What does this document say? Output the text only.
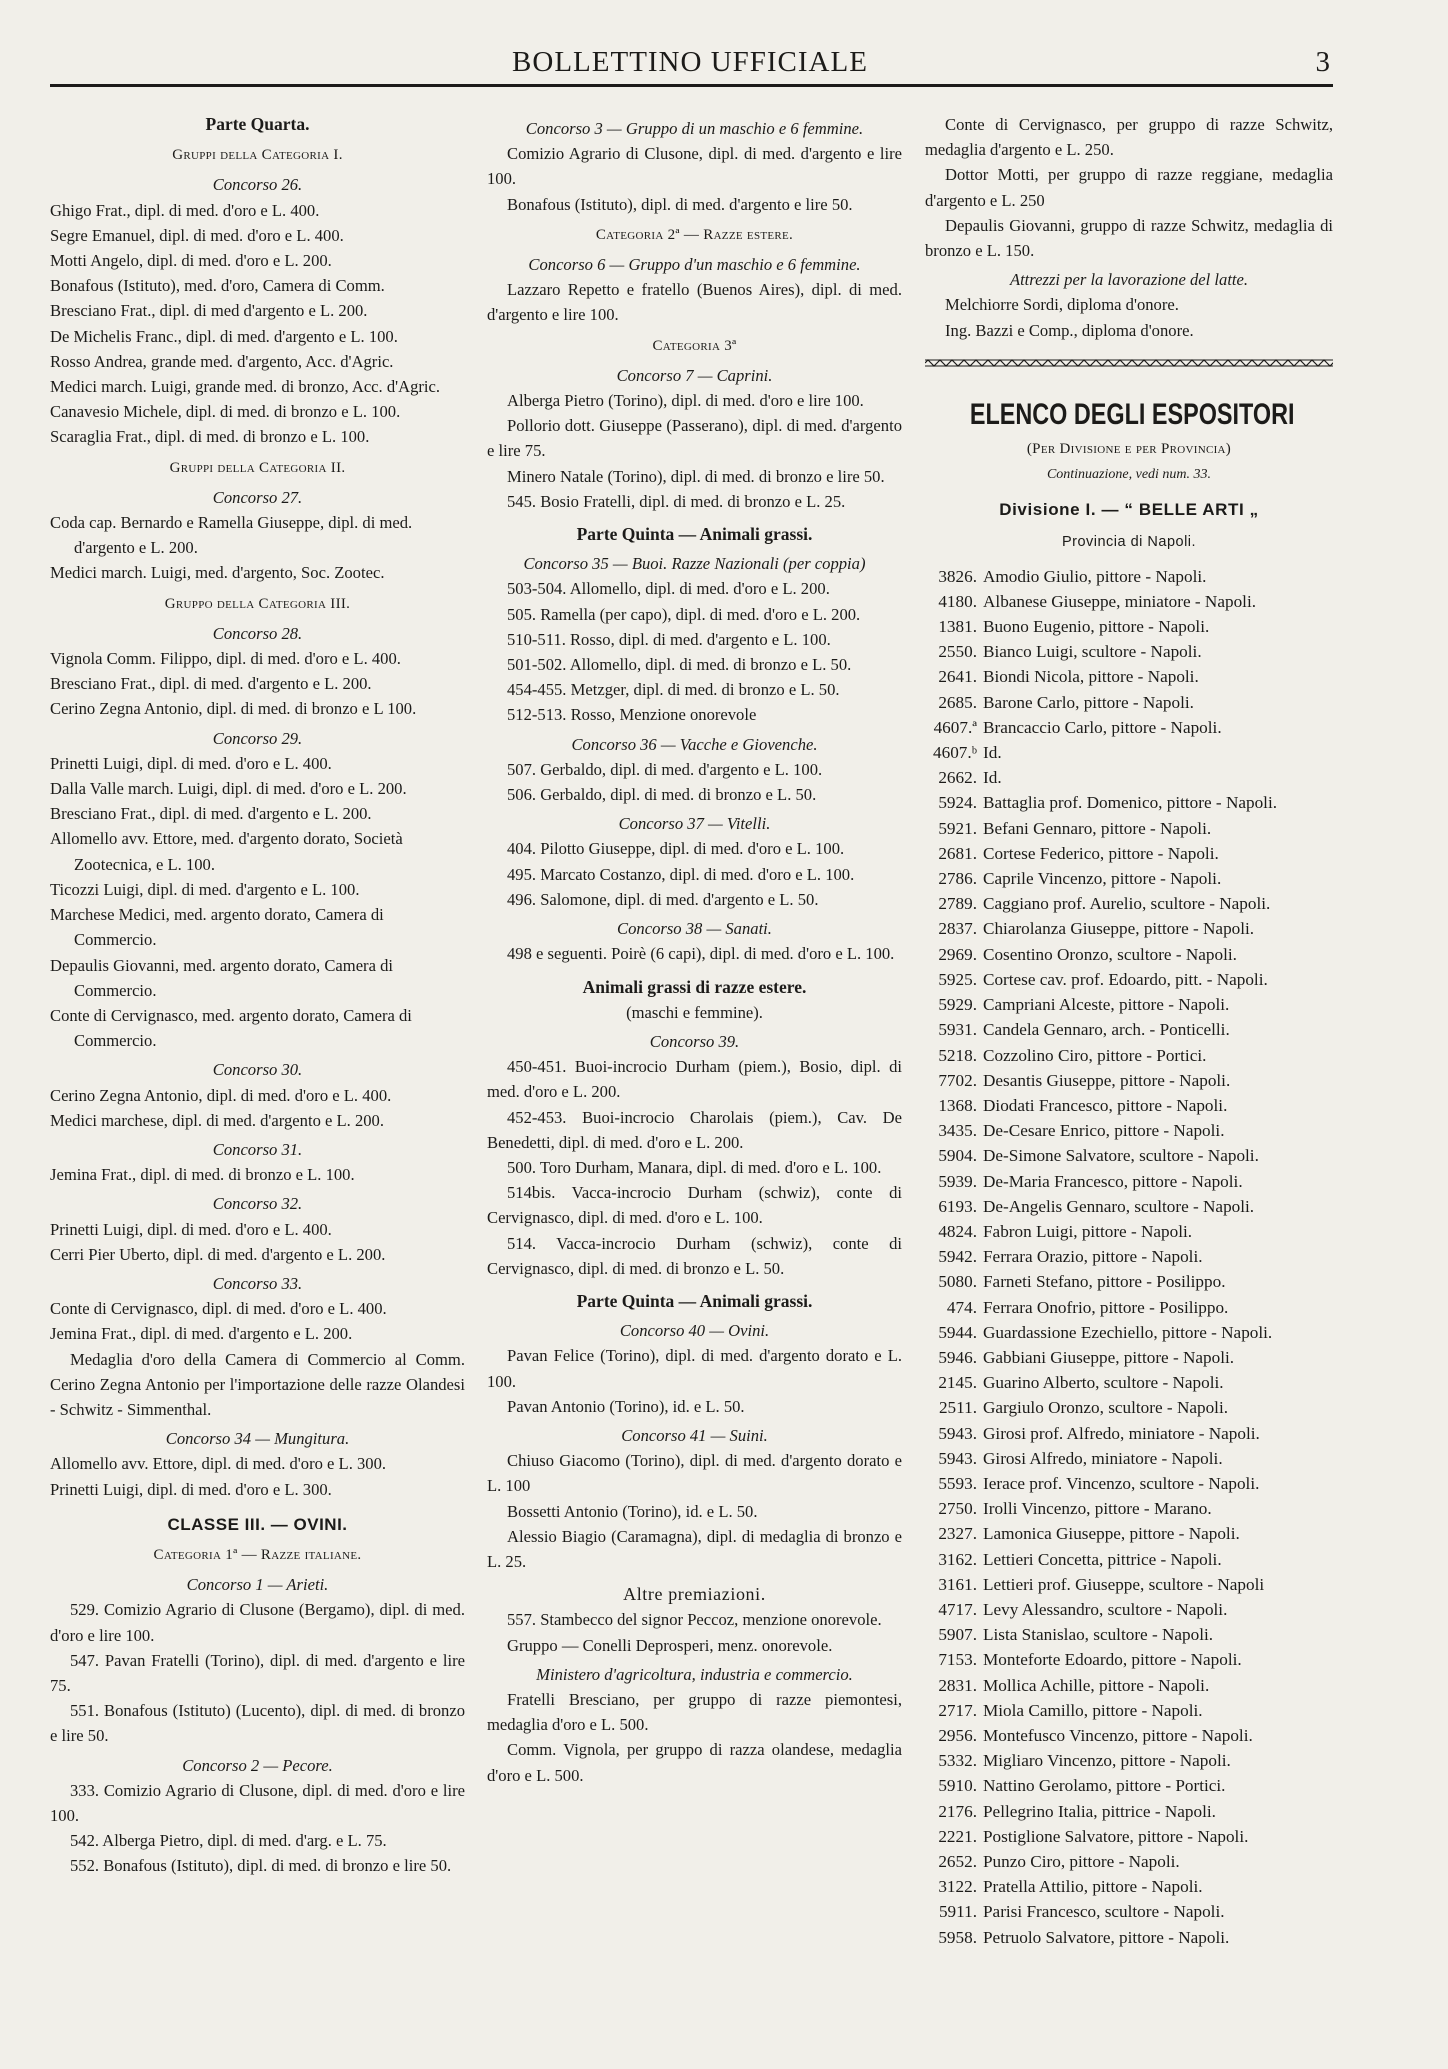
BOLLETTINO UFFICIALE	3
Parte Quarta.
Gruppi della Categoria I.
Concorso 26.
Ghigo Frat., dipl. di med. d'oro e L. 400.
Segre Emanuel, dipl. di med. d'oro e L. 400.
Motti Angelo, dipl. di med. d'oro e L. 200.
Bonafous (Istituto), med. d'oro, Camera di Comm.
Bresciano Frat., dipl. di med d'argento e L. 200.
De Michelis Franc., dipl. di med. d'argento e L. 100.
Rosso Andrea, grande med. d'argento, Acc. d'Agric.
Medici march. Luigi, grande med. di bronzo, Acc. d'Agric.
Canavesio Michele, dipl. di med. di bronzo e L. 100.
Scaraglia Frat., dipl. di med. di bronzo e L. 100.
Gruppi della Categoria II.
Concorso 27.
Coda cap. Bernardo e Ramella Giuseppe, dipl. di med. d'argento e L. 200.
Medici march. Luigi, med. d'argento, Soc. Zootec.
Gruppo della Categoria III.
Concorso 28.
Vignola Comm. Filippo, dipl. di med. d'oro e L. 400.
Bresciano Frat., dipl. di med. d'argento e L. 200.
Cerino Zegna Antonio, dipl. di med. di bronzo e L 100.
Concorso 29.
Prinetti Luigi, dipl. di med. d'oro e L. 400.
Dalla Valle march. Luigi, dipl. di med. d'oro e L. 200.
Bresciano Frat., dipl. di med. d'argento e L. 200.
Allomello avv. Ettore, med. d'argento dorato, Società Zootecnica, e L. 100.
Ticozzi Luigi, dipl. di med. d'argento e L. 100.
Marchese Medici, med. argento dorato, Camera di Commercio.
Depaulis Giovanni, med. argento dorato, Camera di Commercio.
Conte di Cervignasco, med. argento dorato, Camera di Commercio.
Concorso 30.
Cerino Zegna Antonio, dipl. di med. d'oro e L. 400.
Medici marchese, dipl. di med. d'argento e L. 200.
Concorso 31.
Jemina Frat., dipl. di med. di bronzo e L. 100.
Concorso 32.
Prinetti Luigi, dipl. di med. d'oro e L. 400.
Cerri Pier Uberto, dipl. di med. d'argento e L. 200.
Concorso 33.
Conte di Cervignasco, dipl. di med. d'oro e L. 400.
Jemina Frat., dipl. di med. d'argento e L. 200.
Medaglia d'oro della Camera di Commercio al Comm. Cerino Zegna Antonio per l'importazione delle razze Olandesi - Schwitz - Simmenthal.
Concorso 34 — Mungitura.
Allomello avv. Ettore, dipl. di med. d'oro e L. 300.
Prinetti Luigi, dipl. di med. d'oro e L. 300.
CLASSE III. — OVINI.
Categoria 1ª — Razze italiane.
Concorso 1 — Arieti.
529. Comizio Agrario di Clusone (Bergamo), dipl. di med. d'oro e lire 100.
547. Pavan Fratelli (Torino), dipl. di med. d'argento e lire 75.
551. Bonafous (Istituto) (Lucento), dipl. di med. di bronzo e lire 50.
Concorso 2 — Pecore.
333. Comizio Agrario di Clusone, dipl. di med. d'oro e lire 100.
542. Alberga Pietro, dipl. di med. d'arg. e L. 75.
552. Bonafous (Istituto), dipl. di med. di bronzo e lire 50.
Concorso 3 — Gruppo di un maschio e 6 femmine.
Comizio Agrario di Clusone, dipl. di med. d'argento e lire 100.
Bonafous (Istituto), dipl. di med. d'argento e lire 50.
Categoria 2ª — Razze estere.
Concorso 6 — Gruppo d'un maschio e 6 femmine.
Lazzaro Repetto e fratello (Buenos Aires), dipl. di med. d'argento e lire 100.
Categoria 3ª
Concorso 7 — Caprini.
Alberga Pietro (Torino), dipl. di med. d'oro e lire 100.
Pollorio dott. Giuseppe (Passerano), dipl. di med. d'argento e lire 75.
Minero Natale (Torino), dipl. di med. di bronzo e lire 50.
545. Bosio Fratelli, dipl. di med. di bronzo e L. 25.
Parte Quinta — Animali grassi.
Concorso 35 — Buoi. Razze Nazionali (per coppia)
503-504. Allomello, dipl. di med. d'oro e L. 200.
505. Ramella (per capo), dipl. di med. d'oro e L. 200.
510-511. Rosso, dipl. di med. d'argento e L. 100.
501-502. Allomello, dipl. di med. di bronzo e L. 50.
454-455. Metzger, dipl. di med. di bronzo e L. 50.
512-513. Rosso, Menzione onorevole
Concorso 36 — Vacche e Giovenche.
507. Gerbaldo, dipl. di med. d'argento e L. 100.
506. Gerbaldo, dipl. di med. di bronzo e L. 50.
Concorso 37 — Vitelli.
404. Pilotto Giuseppe, dipl. di med. d'oro e L. 100.
495. Marcato Costanzo, dipl. di med. d'oro e L. 100.
496. Salomone, dipl. di med. d'argento e L. 50.
Concorso 38 — Sanati.
498 e seguenti. Poirè (6 capi), dipl. di med. d'oro e L. 100.
Animali grassi di razze estere.
(maschi e femmine).
Concorso 39.
450-451. Buoi-incrocio Durham (piem.), Bosio, dipl. di med. d'oro e L. 200.
452-453. Buoi-incrocio Charolais (piem.), Cav. De Benedetti, dipl. di med. d'oro e L. 200.
500. Toro Durham, Manara, dipl. di med. d'oro e L. 100.
514bis. Vacca-incrocio Durham (schwiz), conte di Cervignasco, dipl. di med. d'oro e L. 100.
514. Vacca-incrocio Durham (schwiz), conte di Cervignasco, dipl. di med. di bronzo e L. 50.
Parte Quinta — Animali grassi.
Concorso 40 — Ovini.
Pavan Felice (Torino), dipl. di med. d'argento dorato e L. 100.
Pavan Antonio (Torino), id. e L. 50.
Concorso 41 — Suini.
Chiuso Giacomo (Torino), dipl. di med. d'argento dorato e L. 100
Bossetti Antonio (Torino), id. e L. 50.
Alessio Biagio (Caramagna), dipl. di medaglia di bronzo e L. 25.
Altre premiazioni.
557. Stambecco del signor Peccoz, menzione onorevole.
Gruppo — Conelli Deprosperi, menz. onorevole.
Ministero d'agricoltura, industria e commercio.
Fratelli Bresciano, per gruppo di razze piemontesi, medaglia d'oro e L. 500.
Comm. Vignola, per gruppo di razza olandese, medaglia d'oro e L. 500.
Conte di Cervignasco, per gruppo di razze Schwitz, medaglia d'argento e L. 250.
Dottor Motti, per gruppo di razze reggiane, medaglia d'argento e L. 250
Depaulis Giovanni, gruppo di razze Schwitz, medaglia di bronzo e L. 150.
Attrezzi per la lavorazione del latte.
Melchiorre Sordi, diploma d'onore.
Ing. Bazzi e Comp., diploma d'onore.
ELENCO DEGLI ESPOSITORI
(Per Divisione e per Provincia)
Continuazione, vedi num. 33.
Divisione I. — “ BELLE ARTI „
Provincia di Napoli.
3826. Amodio Giulio, pittore - Napoli.
4180. Albanese Giuseppe, miniatore - Napoli.
1381. Buono Eugenio, pittore - Napoli.
2550. Bianco Luigi, scultore - Napoli.
2641. Biondi Nicola, pittore - Napoli.
2685. Barone Carlo, pittore - Napoli.
4607.ª Brancaccio Carlo, pittore - Napoli.
4607.ᵇ Id.
2662. Id.
5924. Battaglia prof. Domenico, pittore - Napoli.
5921. Befani Gennaro, pittore - Napoli.
2681. Cortese Federico, pittore - Napoli.
2786. Caprile Vincenzo, pittore - Napoli.
2789. Caggiano prof. Aurelio, scultore - Napoli.
2837. Chiarolanza Giuseppe, pittore - Napoli.
2969. Cosentino Oronzo, scultore - Napoli.
5925. Cortese cav. prof. Edoardo, pitt. - Napoli.
5929. Campriani Alceste, pittore - Napoli.
5931. Candela Gennaro, arch. - Ponticelli.
5218. Cozzolino Ciro, pittore - Portici.
7702. Desantis Giuseppe, pittore - Napoli.
1368. Diodati Francesco, pittore - Napoli.
3435. De-Cesare Enrico, pittore - Napoli.
5904. De-Simone Salvatore, scultore - Napoli.
5939. De-Maria Francesco, pittore - Napoli.
6193. De-Angelis Gennaro, scultore - Napoli.
4824. Fabron Luigi, pittore - Napoli.
5942. Ferrara Orazio, pittore - Napoli.
5080. Farneti Stefano, pittore - Posilippo.
474. Ferrara Onofrio, pittore - Posilippo.
5944. Guardassione Ezechiello, pittore - Napoli.
5946. Gabbiani Giuseppe, pittore - Napoli.
2145. Guarino Alberto, scultore - Napoli.
2511. Gargiulo Oronzo, scultore - Napoli.
5943. Girosi prof. Alfredo, miniatore - Napoli.
5943. Girosi Alfredo, miniatore - Napoli.
5593. Ierace prof. Vincenzo, scultore - Napoli.
2750. Irolli Vincenzo, pittore - Marano.
2327. Lamonica Giuseppe, pittore - Napoli.
3162. Lettieri Concetta, pittrice - Napoli.
3161. Lettieri prof. Giuseppe, scultore - Napoli
4717. Levy Alessandro, scultore - Napoli.
5907. Lista Stanislao, scultore - Napoli.
7153. Monteforte Edoardo, pittore - Napoli.
2831. Mollica Achille, pittore - Napoli.
2717. Miola Camillo, pittore - Napoli.
2956. Montefusco Vincenzo, pittore - Napoli.
5332. Migliaro Vincenzo, pittore - Napoli.
5910. Nattino Gerolamo, pittore - Portici.
2176. Pellegrino Italia, pittrice - Napoli.
2221. Postiglione Salvatore, pittore - Napoli.
2652. Punzo Ciro, pittore - Napoli.
3122. Pratella Attilio, pittore - Napoli.
5911. Parisi Francesco, scultore - Napoli.
5958. Petruolo Salvatore, pittore - Napoli.
